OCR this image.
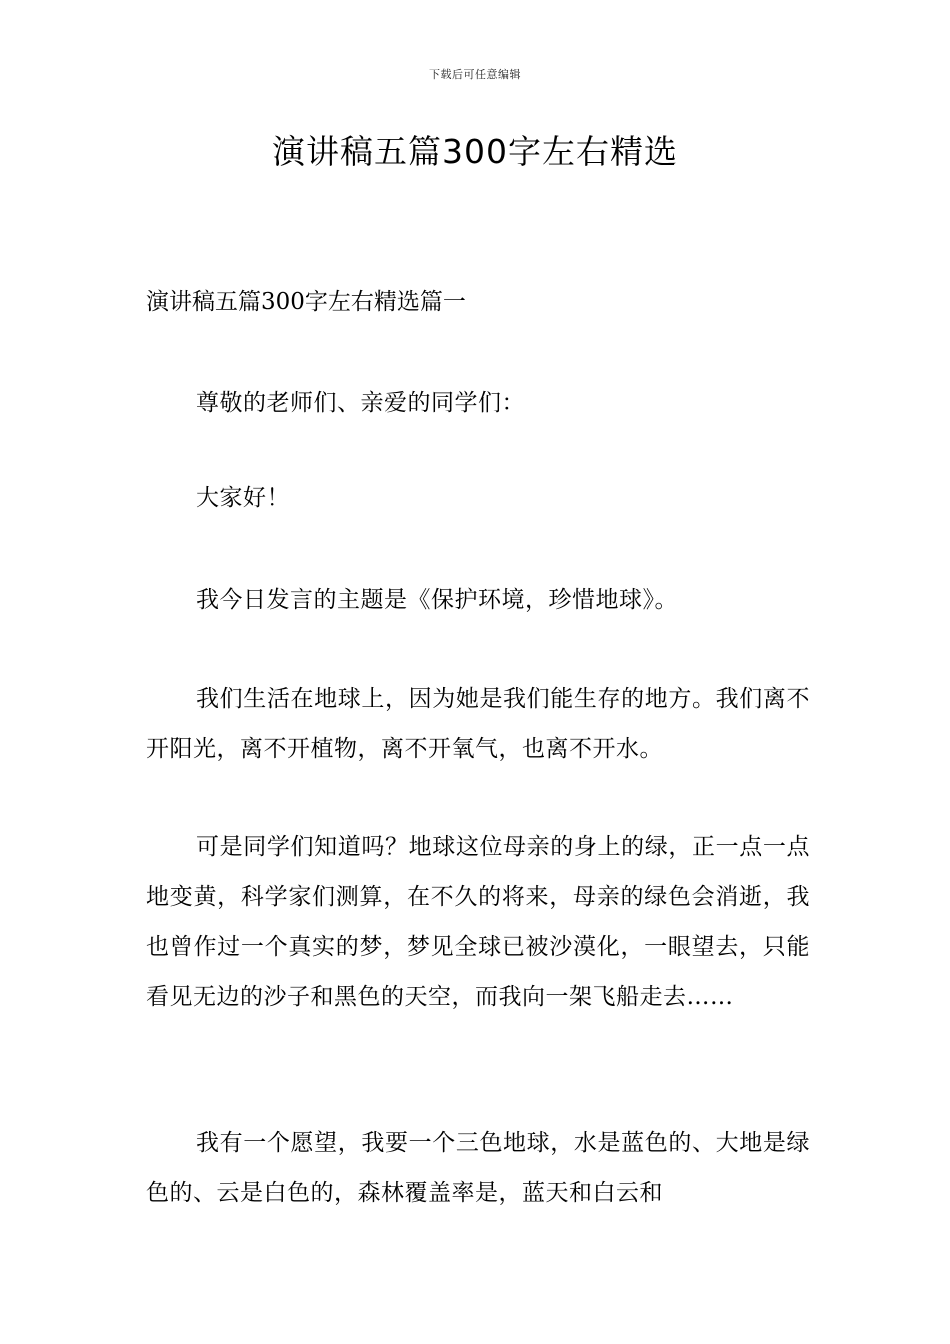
下载后可任意编辑
演讲稿五篇300字左右精选

演讲稿五篇300字左右精选篇一

尊敬的老师们、亲爱的同学们：

大家好！

我今日发言的主题是《保护环境，珍惜地球》。

我们生活在地球上，因为她是我们能生存的地方。我们离不开阳光，离不开植物，离不开氧气，也离不开水。

可是同学们知道吗？地球这位母亲的身上的绿，正一点一点地变黄，科学家们测算，在不久的将来，母亲的绿色会消逝，我也曾作过一个真实的梦，梦见全球已被沙漠化，一眼望去，只能看见无边的沙子和黑色的天空，而我向一架飞船走去……

我有一个愿望，我要一个三色地球，水是蓝色的、大地是绿色的、云是白色的，森林覆盖率是，蓝天和白云和
